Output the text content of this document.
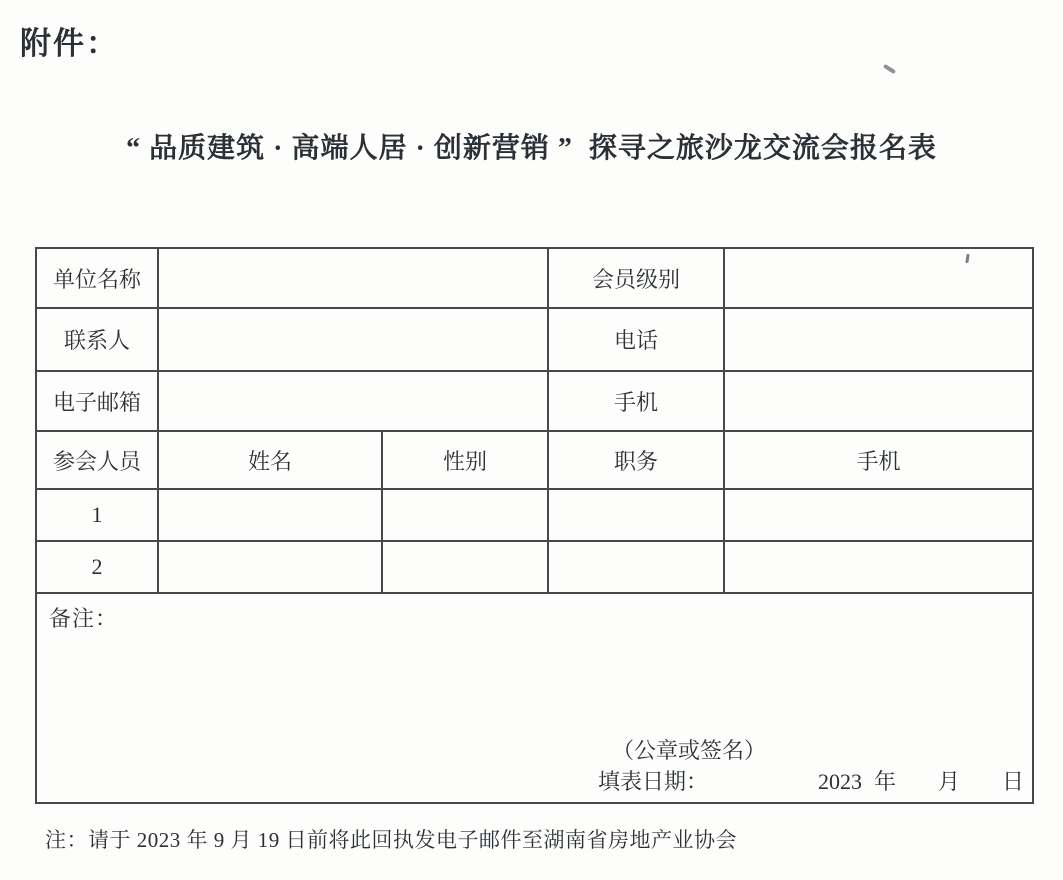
附件：
“ 品质建筑 · 高端人居 · 创新营销 ”  探寻之旅沙龙交流会报名表
单位名称			会员级别	
联系人			电话	
电子邮箱			手机	
参会人员	姓名	性别	职务	手机
1				
2				

备注：
（公章或签名）
填表日期：	2023 年 月 日
注：请于 2023 年 9 月 19 日前将此回执发电子邮件至湖南省房地产业协会
